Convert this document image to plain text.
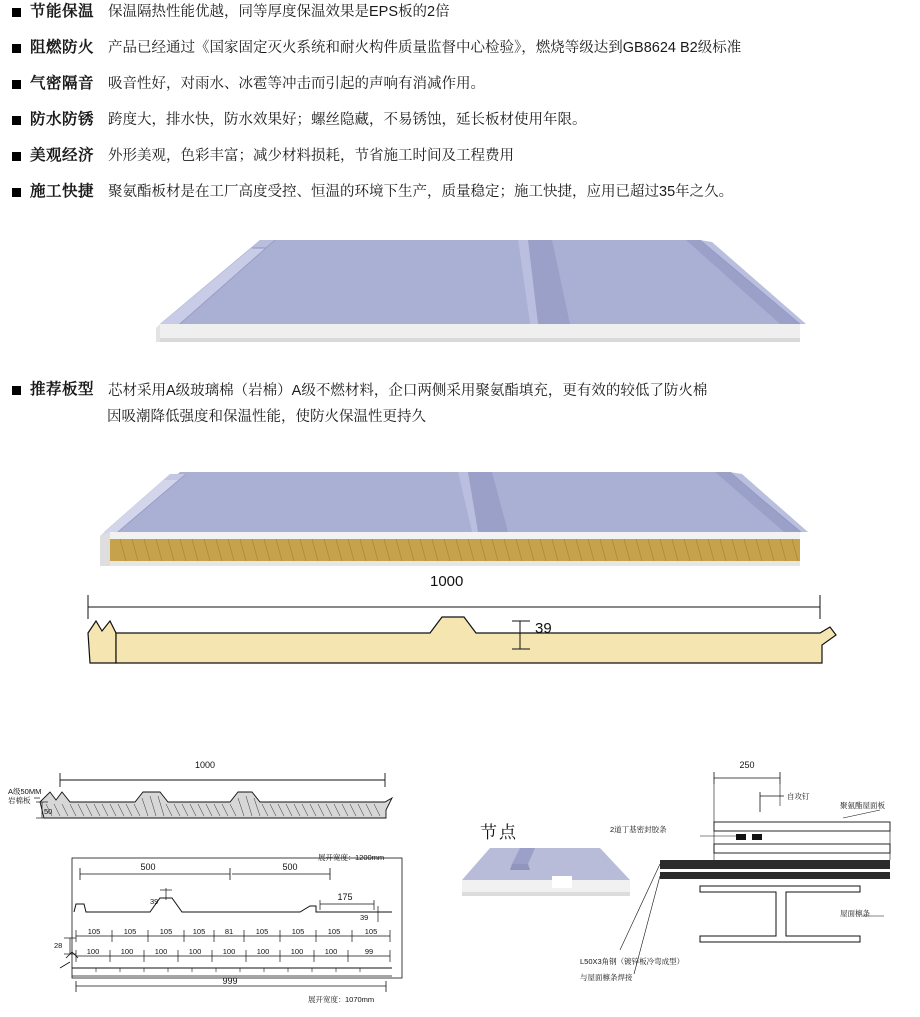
节能保温 保温隔热性能优越，同等厚度保温效果是EPS板的2倍
阻燃防火 产品已经通过《国家固定灭火系统和耐火构件质量监督中心检验》，燃烧等级达到GB8624 B2级标准
气密隔音 吸音性好，对雨水、冰雹等冲击而引起的声响有消减作用。
防水防锈 跨度大，排水快，防水效果好；螺丝隐藏，不易锈蚀，延长板材使用年限。
美观经济 外形美观，色彩丰富；减少材料损耗，节省施工时间及工程费用
施工快捷 聚氨酯板材是在工厂高度受控、恒温的环境下生产，质量稳定；施工快捷，应用已超过35年之久。
推荐板型 芯材采用A级玻璃棉（岩棉）A级不燃材料，企口两侧采用聚氨酯填充，更有效的较低了防火棉
因吸潮降低强度和保温性能，使防火保温性更持久
1000
39
节点
1000
A级50MM
岩棉板
50
500	500
展开宽度： 1200mm
39	175
39
105	105	105	105	81	105	105	105	105
100	100	100	100	100	100	100	100	99
28
999
展开宽度： 1070mm
250
自攻钉
聚氨酯屋面板
2道丁基密封胶条
屋面檩条
L50X3角钢（镀锌板冷弯成型）
与屋面檩条焊接
